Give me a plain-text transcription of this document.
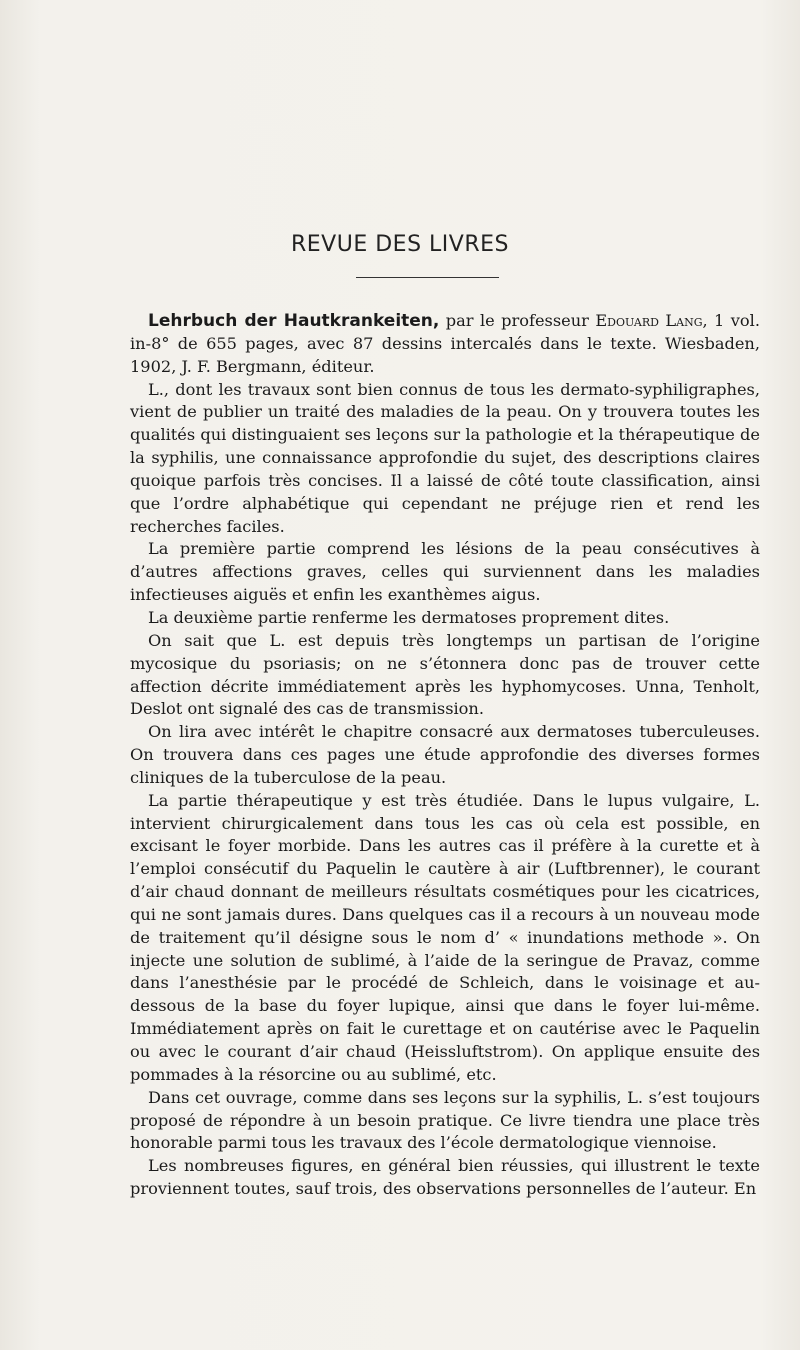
REVUE DES LIVRES

Lehrbuch der Hautkrankeiten, par le professeur Edouard Lang, 1 vol. in-8° de 655 pages, avec 87 dessins intercalés dans le texte. Wiesbaden, 1902, J. F. Bergmann, éditeur.

L., dont les travaux sont bien connus de tous les dermato-syphiligraphes, vient de publier un traité des maladies de la peau. On y trouvera toutes les qualités qui distinguaient ses leçons sur la pathologie et la thérapeutique de la syphilis, une connaissance approfondie du sujet, des descriptions claires quoique parfois très concises. Il a laissé de côté toute classification, ainsi que l’ordre alphabétique qui cependant ne préjuge rien et rend les recherches faciles.

La première partie comprend les lésions de la peau consécutives à d’autres affections graves, celles qui surviennent dans les maladies infectieuses aiguës et enfin les exanthèmes aigus.

La deuxième partie renferme les dermatoses proprement dites.

On sait que L. est depuis très longtemps un partisan de l’origine mycosique du psoriasis; on ne s’étonnera donc pas de trouver cette affection décrite immédiatement après les hyphomycoses. Unna, Tenholt, Deslot ont signalé des cas de transmission.

On lira avec intérêt le chapitre consacré aux dermatoses tuberculeuses. On trouvera dans ces pages une étude approfondie des diverses formes cliniques de la tuberculose de la peau.

La partie thérapeutique y est très étudiée. Dans le lupus vulgaire, L. intervient chirurgicalement dans tous les cas où cela est possible, en excisant le foyer morbide. Dans les autres cas il préfère à la curette et à l’emploi consécutif du Paquelin le cautère à air (Luftbrenner), le courant d’air chaud donnant de meilleurs résultats cosmétiques pour les cicatrices, qui ne sont jamais dures. Dans quelques cas il a recours à un nouveau mode de traitement qu’il désigne sous le nom d’ « inundations methode ». On injecte une solution de sublimé, à l’aide de la seringue de Pravaz, comme dans l’anesthésie par le procédé de Schleich, dans le voisinage et au-dessous de la base du foyer lupique, ainsi que dans le foyer lui-même. Immédiatement après on fait le curettage et on cautérise avec le Paquelin ou avec le courant d’air chaud (Heissluftstrom). On applique ensuite des pommades à la résorcine ou au sublimé, etc.

Dans cet ouvrage, comme dans ses leçons sur la syphilis, L. s’est toujours proposé de répondre à un besoin pratique. Ce livre tiendra une place très honorable parmi tous les travaux des l’école dermatologique viennoise.

Les nombreuses figures, en général bien réussies, qui illustrent le texte proviennent toutes, sauf trois, des observations personnelles de l’auteur. En
